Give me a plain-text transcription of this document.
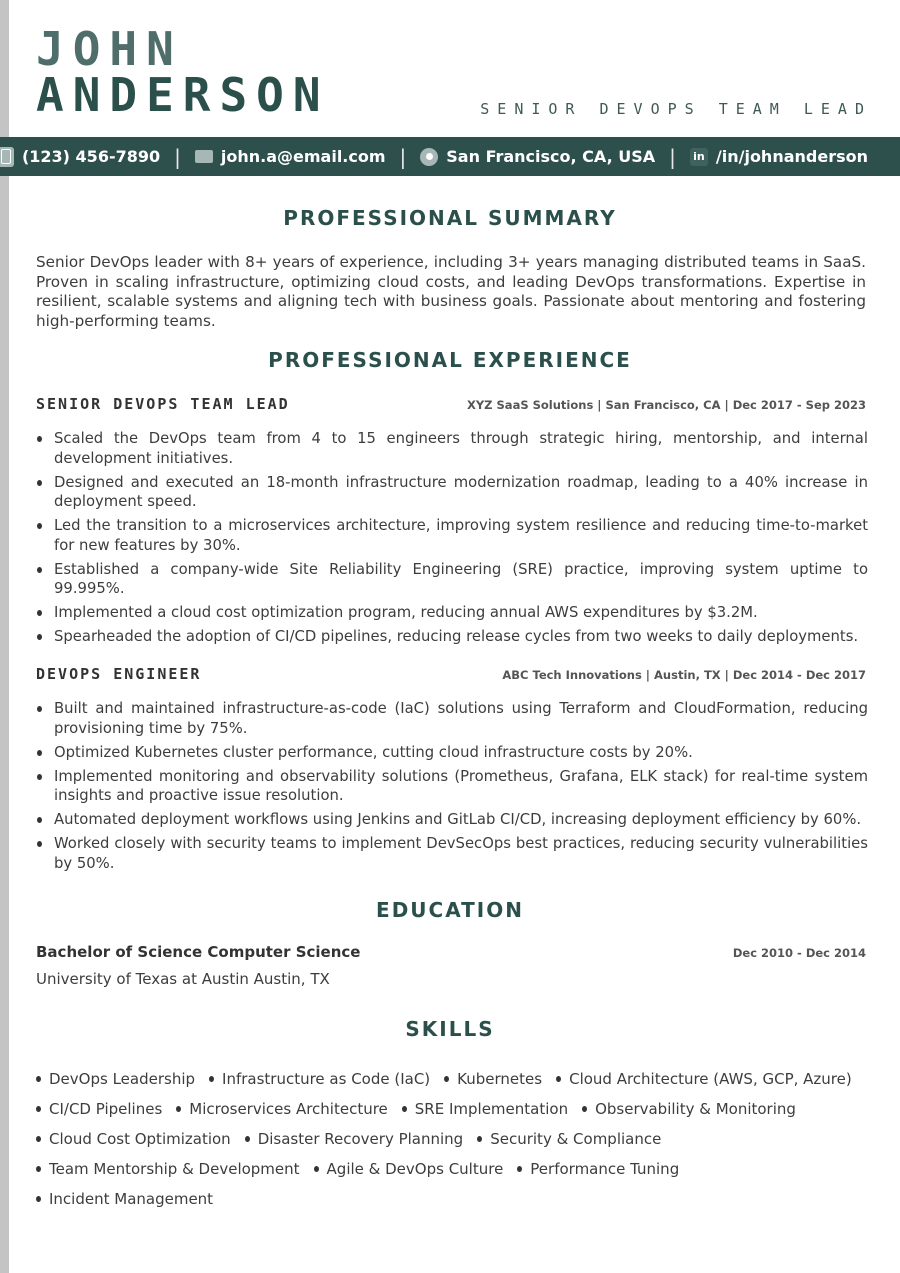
JOHN
ANDERSON	SENIOR DEVOPS TEAM LEAD
(123) 456-7890 |	john.a@email.com |	San Francisco, CA, USA | in /in/johnanderson
PROFESSIONAL SUMMARY

Senior DevOps leader with 8+ years of experience, including 3+ years managing distributed teams in SaaS. Proven in scaling infrastructure, optimizing cloud costs, and leading DevOps transformations. Expertise in resilient, scalable systems and aligning tech with business goals. Passionate about mentoring and fostering high-performing teams.

PROFESSIONAL EXPERIENCE
SENIOR DEVOPS TEAM LEAD	XYZ SaaS Solutions | San Francisco, CA | Dec 2017 - Sep 2023
Scaled the DevOps team from 4 to 15 engineers through strategic hiring, mentorship, and internal development initiatives.
Designed and executed an 18-month infrastructure modernization roadmap, leading to a 40% increase in deployment speed.
Led the transition to a microservices architecture, improving system resilience and reducing time-to-market for new features by 30%.
Established a company-wide Site Reliability Engineering (SRE) practice, improving system uptime to 99.995%.
Implemented a cloud cost optimization program, reducing annual AWS expenditures by $3.2M.
Spearheaded the adoption of CI/CD pipelines, reducing release cycles from two weeks to daily deployments.
DEVOPS ENGINEER	ABC Tech Innovations | Austin, TX | Dec 2014 - Dec 2017
Built and maintained infrastructure-as-code (IaC) solutions using Terraform and CloudFormation, reducing provisioning time by 75%.
Optimized Kubernetes cluster performance, cutting cloud infrastructure costs by 20%.
Implemented monitoring and observability solutions (Prometheus, Grafana, ELK stack) for real-time system insights and proactive issue resolution.
Automated deployment workflows using Jenkins and GitLab CI/CD, increasing deployment efficiency by 60%.
Worked closely with security teams to implement DevSecOps best practices, reducing security vulnerabilities by 50%.
EDUCATION
Bachelor of Science Computer Science	Dec 2010 - Dec 2014
University of Texas at Austin Austin, TX
SKILLS
DevOps Leadership	Infrastructure as Code (IaC)	Kubernetes	Cloud Architecture (AWS, GCP, Azure)
CI/CD Pipelines	Microservices Architecture	SRE Implementation	Observability & Monitoring
Cloud Cost Optimization	Disaster Recovery Planning	Security & Compliance
Team Mentorship & Development	Agile & DevOps Culture	Performance Tuning
Incident Management
